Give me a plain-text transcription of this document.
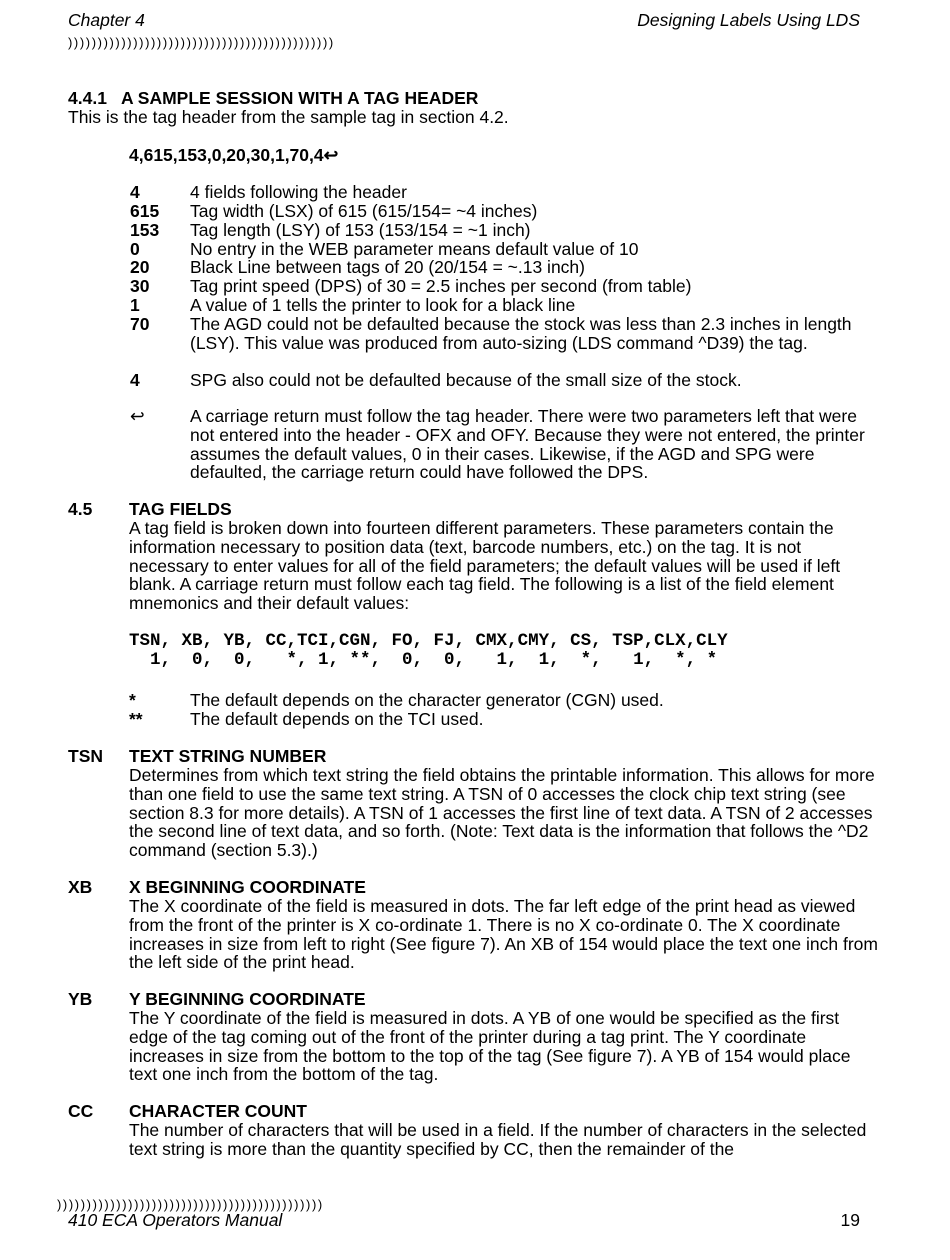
Chapter 4	Designing Labels Using LDS
)))))))))))))))))))))))))))))))))))))))))))))
4.4.1 A SAMPLE SESSION WITH A TAG HEADER
This is the tag header from the sample tag in section 4.2.
4,615,153,0,20,30,1,70,4↩
4	4 fields following the header
615	Tag width (LSX) of 615 (615/154= ~4 inches)
153	Tag length (LSY) of 153 (153/154 = ~1 inch)
0	No entry in the WEB parameter means default value of 10
20	Black Line between tags of 20 (20/154 = ~.13 inch)
30	Tag print speed (DPS) of 30 = 2.5 inches per second (from table)
1	A value of 1 tells the printer to look for a black line
70	The AGD could not be defaulted because the stock was less than 2.3 inches in length (LSY). This value was produced from auto-sizing (LDS command ^D39) the tag.
4	SPG also could not be defaulted because of the small size of the stock.
↩	A carriage return must follow the tag header. There were two parameters left that were not entered into the header - OFX and OFY. Because they were not entered, the printer assumes the default values, 0 in their cases. Likewise, if the AGD and SPG were defaulted, the carriage return could have followed the DPS.
4.5 TAG FIELDS
A tag field is broken down into fourteen different parameters. These parameters contain the information necessary to position data (text, barcode numbers, etc.) on the tag. It is not necessary to enter values for all of the field parameters; the default values will be used if left blank. A carriage return must follow each tag field. The following is a list of the field element mnemonics and their default values:
TSN, XB, YB, CC,TCI,CGN, FO, FJ, CMX,CMY, CS, TSP,CLX,CLY
1,  0,  0,   *, 1, **,  0,  0,   1,  1,  *,   1,  *, *
*	The default depends on the character generator (CGN) used.
**	The default depends on the TCI used.
TSN TEXT STRING NUMBER
Determines from which text string the field obtains the printable information. This allows for more than one field to use the same text string. A TSN of 0 accesses the clock chip text string (see section 8.3 for more details). A TSN of 1 accesses the first line of text data. A TSN of 2 accesses the second line of text data, and so forth. (Note: Text data is the information that follows the ^D2 command (section 5.3).)
XB X BEGINNING COORDINATE
The X coordinate of the field is measured in dots. The far left edge of the print head as viewed from the front of the printer is X co-ordinate 1. There is no X co-ordinate 0. The X coordinate increases in size from left to right (See figure 7). An XB of 154 would place the text one inch from the left side of the print head.
YB Y BEGINNING COORDINATE
The Y coordinate of the field is measured in dots. A YB of one would be specified as the first edge of the tag coming out of the front of the printer during a tag print. The Y coordinate increases in size from the bottom to the top of the tag (See figure 7). A YB of 154 would place text one inch from the bottom of the tag.
CC CHARACTER COUNT
The number of characters that will be used in a field. If the number of characters in the selected text string is more than the quantity specified by CC, then the remainder of the
)))))))))))))))))))))))))))))))))))))))))))))
410 ECA Operators Manual	19
